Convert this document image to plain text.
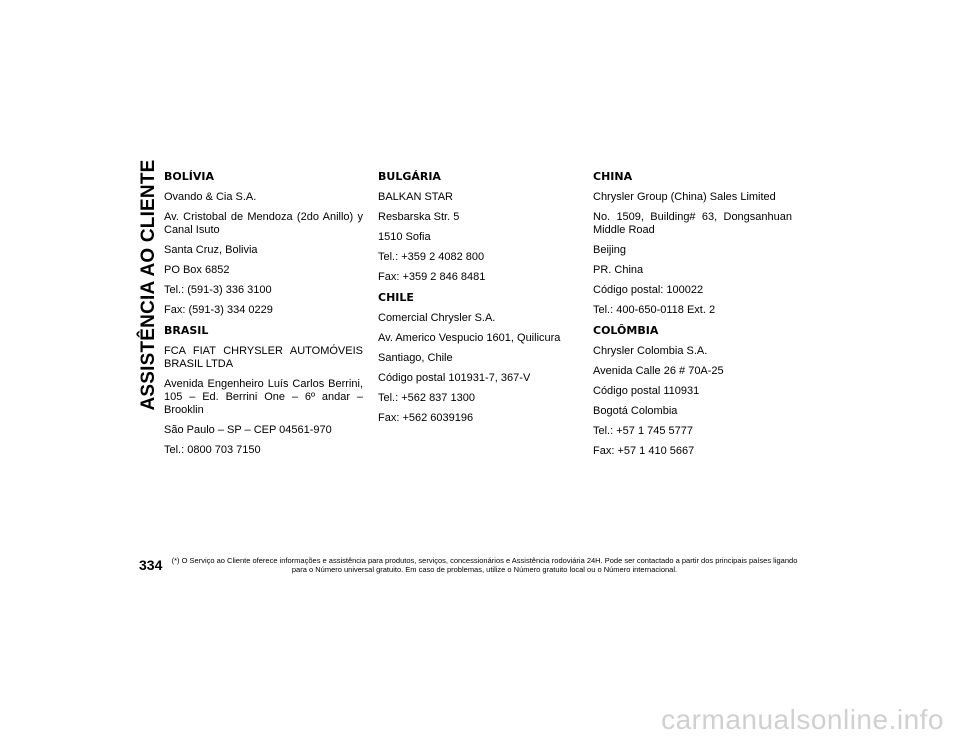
ASSISTÊNCIA AO CLIENTE BOLÍVIA
Ovando & Cia S.A.
Av. Cristobal de Mendoza (2do Anillo) y Canal Isuto
Santa Cruz, Bolivia
PO Box 6852
Tel.: (591-3) 336 3100
Fax: (591-3) 334 0229
BRASIL
FCA FIAT CHRYSLER AUTOMÓVEIS BRASIL LTDA
Avenida Engenheiro Luís Carlos Berrini, 105 – Ed. Berrini One – 6º andar – Brooklin
São Paulo – SP – CEP 04561-970
Tel.: 0800 703 7150
BULGÁRIA
BALKAN STAR
Resbarska Str. 5
1510 Sofia
Tel.: +359 2 4082 800
Fax: +359 2 846 8481
CHILE
Comercial Chrysler S.A.
Av. Americo Vespucio 1601, Quilicura
Santiago, Chile
Código postal 101931-7, 367-V
Tel.: +562 837 1300
Fax: +562 6039196
CHINA
Chrysler Group (China) Sales Limited
No. 1509, Building# 63, Dongsanhuan Middle Road
Beijing
PR. China
Código postal: 100022
Tel.: 400-650-0118 Ext. 2
COLÔMBIA
Chrysler Colombia S.A.
Avenida Calle 26 # 70A-25
Código postal 110931
Bogotá Colombia
Tel.: +57 1 745 5777
Fax: +57 1 410 5667
334 (*) O Serviço ao Cliente oferece informações e assistência para produtos, serviços, concessionários e Assistência rodoviária 24H. Pode ser contactado a partir dos principais países ligando para o Número universal gratuito. Em caso de problemas, utilize o Número gratuito local ou o Número internacional.
carmanualsonline.info
